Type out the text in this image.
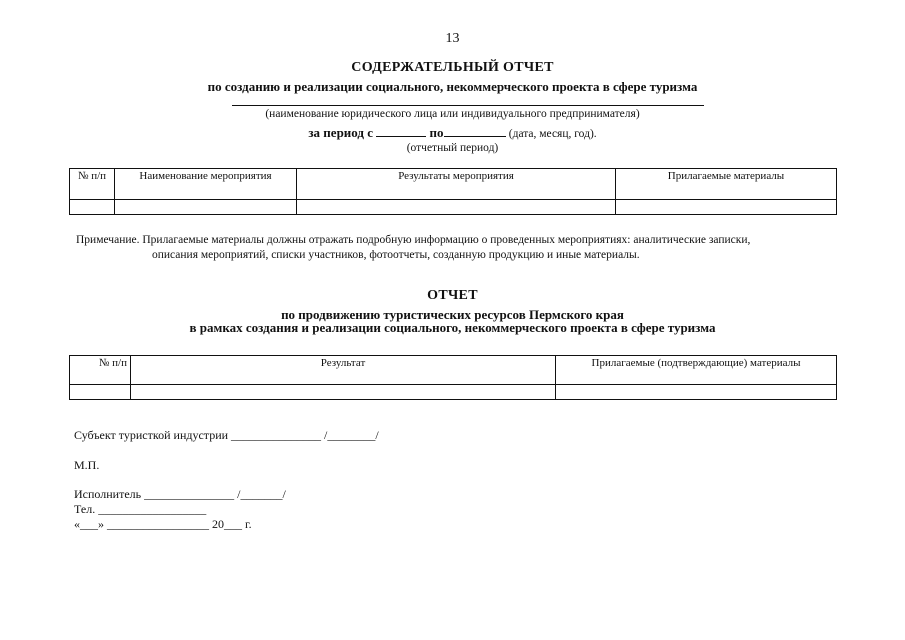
13
СОДЕРЖАТЕЛЬНЫЙ ОТЧЕТ
по созданию и реализации социального, некоммерческого проекта в сфере туризма
(наименование юридического лица или индивидуального предпринимателя)
за период с	по	(дата, месяц, год).
(отчетный период)
№ п/п	Наименование мероприятия	Результаты мероприятия	Прилагаемые материалы

Примечание. Прилагаемые материалы должны отражать подробную информацию о проведенных мероприятиях: аналитические записки,
описания мероприятий, списки участников, фотоотчеты, созданную продукцию и иные материалы.
ОТЧЕТ
по продвижению туристических ресурсов Пермского края
в рамках создания и реализации социального, некоммерческого проекта в сфере туризма
№ п/п	Результат	Прилагаемые (подтверждающие) материалы

Субъект туристкой индустрии _______________ /________/
М.П.
Исполнитель _______________ /_______/
Тел. __________________
«___» _________________ 20___ г.
